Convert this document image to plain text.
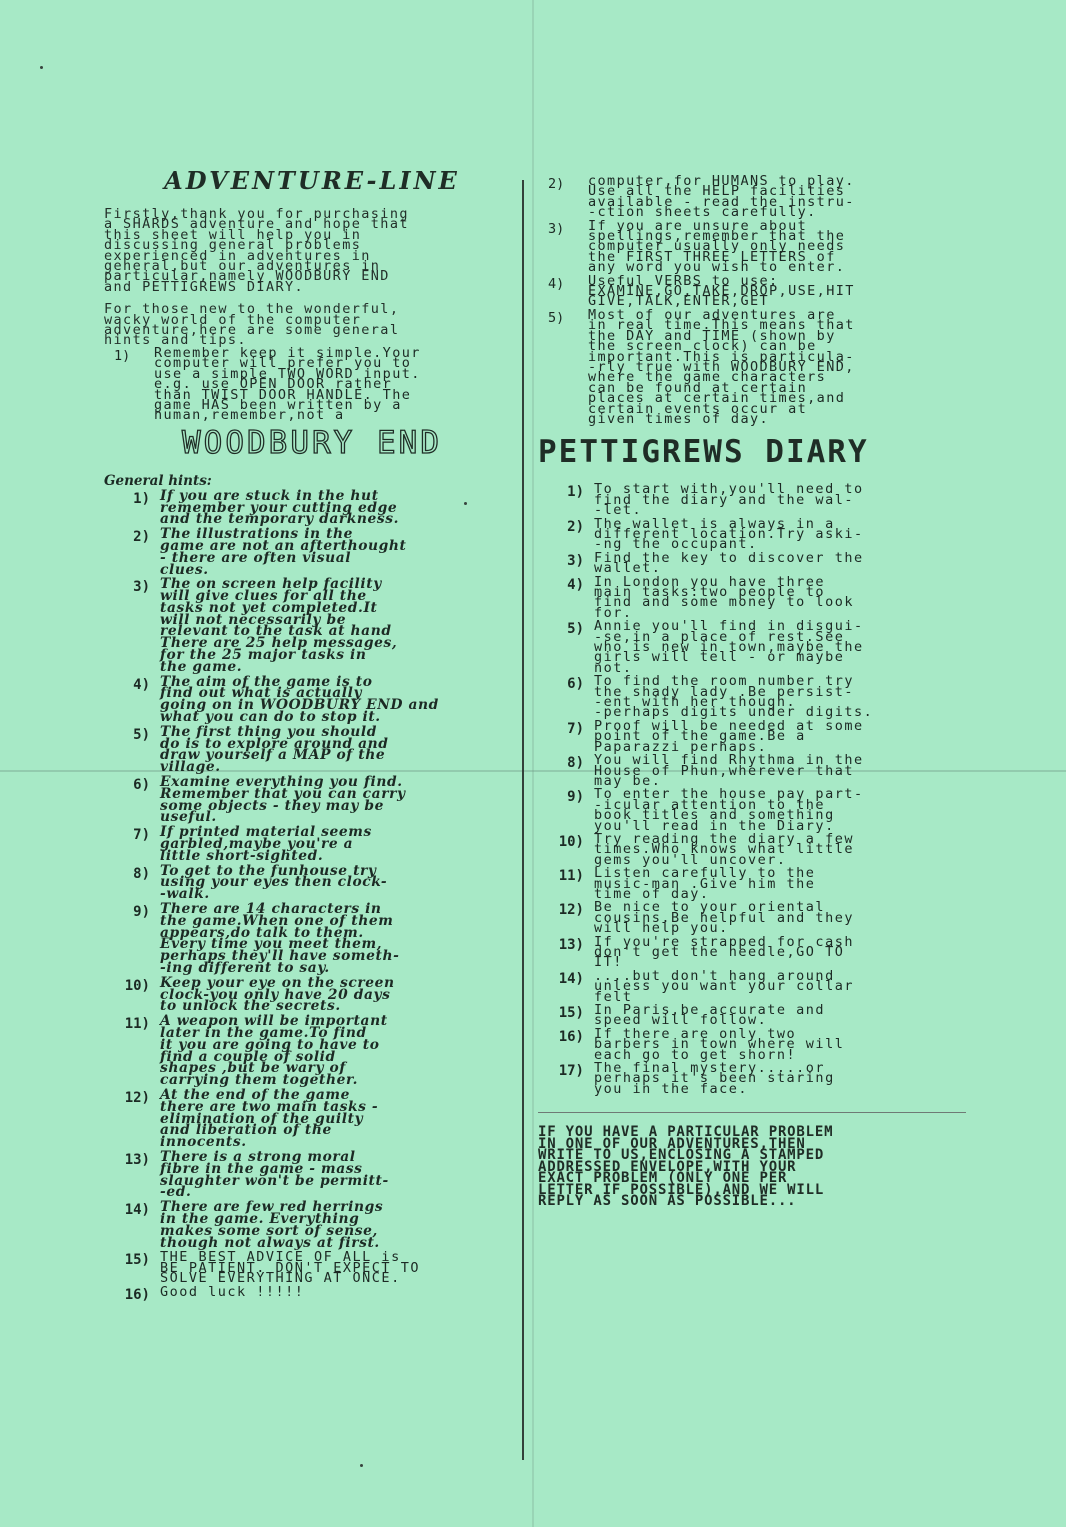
ADVENTURE-LINE
Firstly,thank you for purchasing
a SHARDS adventure and hope that
this sheet will help you in
discussing general problems
experienced in adventures in
general,but our adventures in
particular,namely WOODBURY END
and PETTIGREWS DIARY.
For those new to the wonderful,
wacky world of the computer
adventure,here are some general
hints and tips.
1) Remember keep it simple.Your
computer will prefer you to
use a simple TWO WORD input.
e.g. use OPEN DOOR rather
than TWIST DOOR HANDLE. The
game HAS been written by a
human,remember,not a
WOODBURY END
General hints:
1) If you are stuck in the hut
remember your cutting edge
and the temporary darkness.
2) The illustrations in the
game are not an afterthought
- there are often visual
clues.
3) The on screen help facility
will give clues for all the
tasks not yet completed.It
will not necessarily be
relevant to the task at hand
There are 25 help messages,
for the 25 major tasks in
the game.
4) The aim of the game is to
find out what is actually
going on in WOODBURY END and
what you can do to stop it.
5) The first thing you should
do is to explore around and
draw yourself a MAP of the
village.
6) Examine everything you find.
Remember that you can carry
some objects - they may be
useful.
7) If printed material seems
garbled,maybe you're a
little short-sighted.
8) To get to the funhouse try
using your eyes then clock-
-walk.
9) There are 14 characters in
the game.When one of them
appears,do talk to them.
Every time you meet them,
perhaps they'll have someth-
-ing different to say.
10) Keep your eye on the screen
clock-you only have 20 days
to unlock the secrets.
11) A weapon will be important
later in the game.To find
it you are going to have to
find a couple of solid
shapes ,but be wary of
carrying them together.
12) At the end of the game
there are two main tasks -
elimination of the guilty
and liberation of the
innocents.
13) There is a strong moral
fibre in the game - mass
slaughter won't be permitt-
-ed.
14) There are few red herrings
in the game. Everything
makes some sort of sense,
though not always at first.
15) THE BEST ADVICE OF ALL is
BE PATIENT. DON'T EXPECT TO
SOLVE EVERYTHING AT ONCE.
16) Good luck !!!!!
2) computer,for HUMANS to play.
Use all the HELP facilities
available - read the instru-
-ction sheets carefully.
3) If you are unsure about
spellings,remember that the
computer usually only needs
the FIRST THREE LETTERS of
any word you wish to enter.
4) Useful VERBS to use:
EXAMINE,GO,TAKE,DROP,USE,HIT
GIVE,TALK,ENTER,GET
5) Most of our adventures are
in real time.This means that
the DAY and TIME (shown by
the screen clock) can be
important.This is particula-
-rly true with WOODBURY END,
where the game characters
can be found at certain
places at certain times,and
certain events occur at
given times of day.
PETTIGREWS DIARY
1) To start with,you'll need to
find the diary and the wal-
-let.
2) The wallet is always in a
different location.Try aski-
-ng the occupant.
3) Find the key to discover the
wallet.
4) In London you have three
main tasks:two people to
find and some money to look
for.
5) Annie you'll find in disgui-
-se,in a place of rest.See
who is new in town,maybe the
girls will tell - or maybe
not.
6) To find the room number try
the shady lady .Be persist-
-ent with her though.
-perhaps digits under digits.
7) Proof will be needed at some
point of the game.Be a
Paparazzi perhaps.
8) You will find Rhythma in the
House of Phun,wherever that
may be.
9) To enter the house pay part-
-icular attention to the
book titles and something
you'll read in the Diary.
10) Try reading the diary a few
times.Who knows what little
gems you'll uncover.
11) Listen carefully to the
music-man .Give him the
time of day.
12) Be nice to your oriental
cousins.Be helpful and they
will help you.
13) If you're strapped for cash
don't get the needle,GO TO
IT!
14) ....but don't hang around
unless you want your collar
felt
15) In Paris,be accurate and
speed will follow.
16) If there are only two
barbers in town where will
each go to get shorn!
17) The final mystery.....or
perhaps it's been staring
you in the face.
IF YOU HAVE A PARTICULAR PROBLEM
IN ONE OF OUR ADVENTURES,THEN
WRITE TO US,ENCLOSING A STAMPED
ADDRESSED ENVELOPE,WITH YOUR
EXACT PROBLEM (ONLY ONE PER
LETTER IF POSSIBLE),AND WE WILL
REPLY AS SOON AS POSSIBLE...
